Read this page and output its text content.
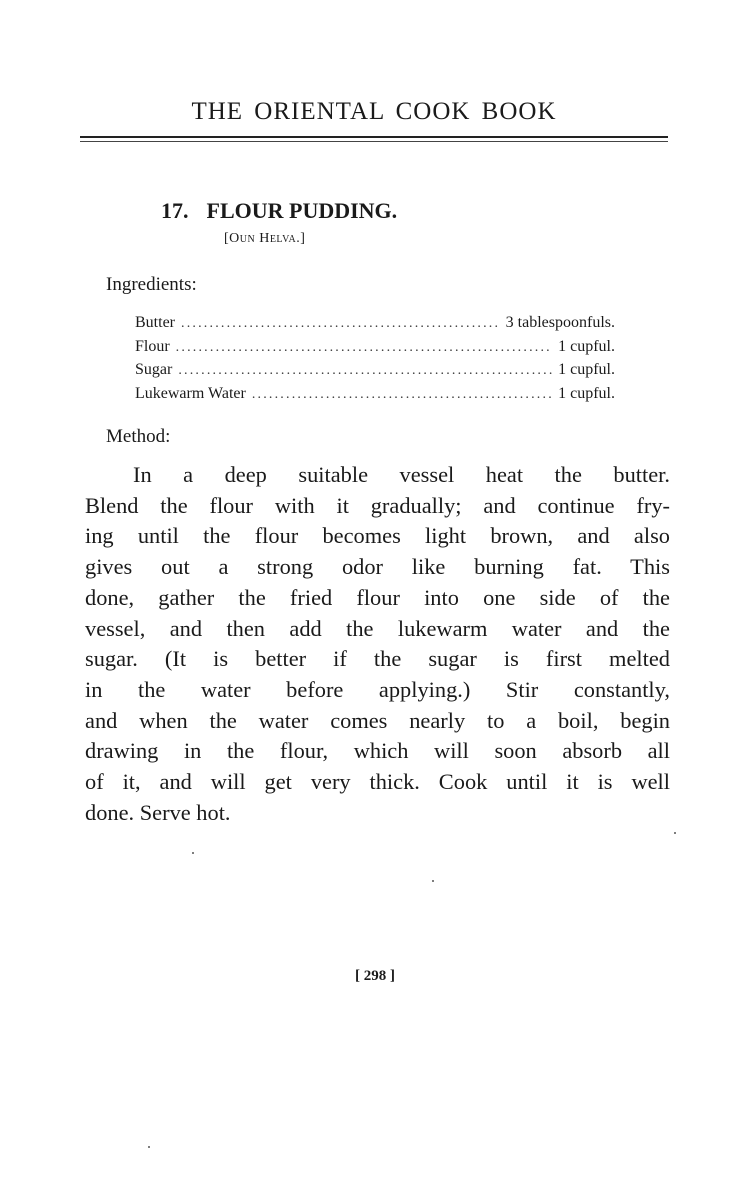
THE ORIENTAL COOK BOOK
17. FLOUR PUDDING.
[Oun Helva.]
Ingredients:
Butter .....	3 tablespoonfuls.
Flour .....	1 cupful.
Sugar .....	1 cupful.
Lukewarm Water .....	1 cupful.
Method:
In a deep suitable vessel heat the butter.
Blend the flour with it gradually; and continue fry-
ing until the flour becomes light brown, and also
gives out a strong odor like burning fat. This
done, gather the fried flour into one side of the
vessel, and then add the lukewarm water and the
sugar. (It is better if the sugar is first melted
in the water before applying.) Stir constantly,
and when the water comes nearly to a boil, begin
drawing in the flour, which will soon absorb all
of it, and will get very thick. Cook until it is well
done. Serve hot.
[ 298 ]
